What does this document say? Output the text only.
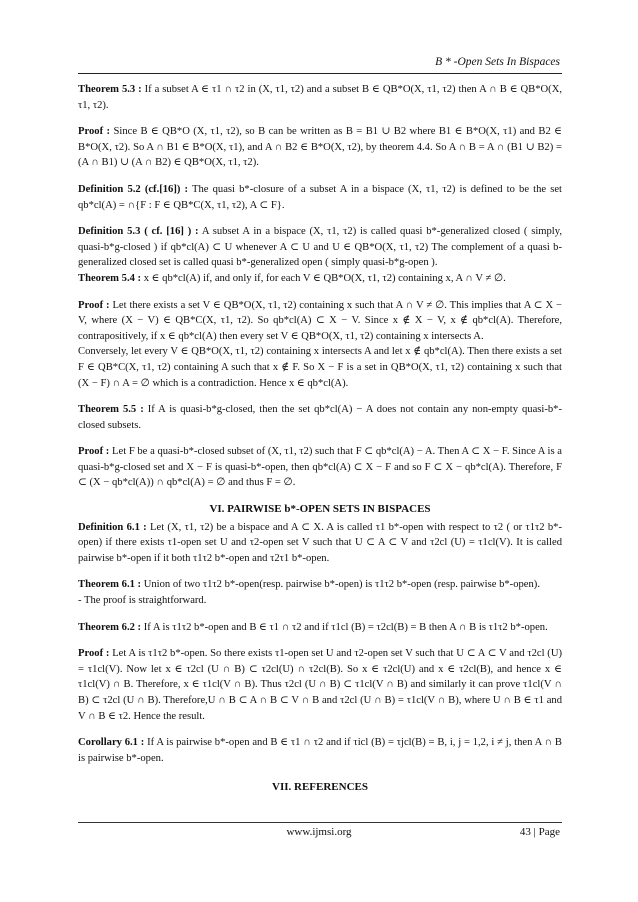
B * -Open Sets In Bispaces

Theorem 5.3 : If a subset A ∈ τ1 ∩ τ2 in (X, τ1, τ2) and a subset B ∈ QB*O(X, τ1, τ2) then A ∩ B ∈ QB*O(X, τ1, τ2).

Proof : Since B ∈ QB*O (X, τ1, τ2), so B can be written as B = B1 ∪ B2 where B1 ∈ B*O(X, τ1) and B2 ∈ B*O(X, τ2). So A ∩ B1 ∈ B*O(X, τ1), and A ∩ B2 ∈ B*O(X, τ2), by theorem 4.4. So A ∩ B = A ∩ (B1 ∪ B2) = (A ∩ B1) ∪ (A ∩ B2) ∈ QB*O(X, τ1, τ2).

Definition 5.2 (cf.[16]) : The quasi b*-closure of a subset A in a bispace (X, τ1, τ2) is defined to be the set qb*cl(A) = ∩{F : F ∈ QB*C(X, τ1, τ2), A ⊂ F}.

Definition 5.3 ( cf. [16] ) : A subset A in a bispace (X, τ1, τ2) is called quasi b*-generalized closed ( simply, quasi-b*g-closed ) if qb*cl(A) ⊂ U whenever A ⊂ U and U ∈ QB*O(X, τ1, τ2) The complement of a quasi b-generalized closed set is called quasi b*-generalized open ( simply quasi-b*g-open ).

Theorem 5.4 : x ∈ qb*cl(A) if, and only if, for each V ∈ QB*O(X, τ1, τ2) containing x, A ∩ V ≠ ∅.

Proof : Let there exists a set V ∈ QB*O(X, τ1, τ2) containing x such that A ∩ V ≠ ∅. This implies that A ⊂ X − V, where (X − V) ∈ QB*C(X, τ1, τ2). So qb*cl(A) ⊂ X − V. Since x ∉ X − V, x ∉ qb*cl(A). Therefore, contrapositively, if x ∈ qb*cl(A) then every set V ∈ QB*O(X, τ1, τ2) containing x intersects A.

Conversely, let every V ∈ QB*O(X, τ1, τ2) containing x intersects A and let x ∉ qb*cl(A). Then there exists a set F ∈ QB*C(X, τ1, τ2) containing A such that x ∉ F. So X − F is a set in QB*O(X, τ1, τ2) containing x such that (X − F) ∩ A = ∅ which is a contradiction. Hence x ∈ qb*cl(A).

Theorem 5.5 : If A is quasi-b*g-closed, then the set qb*cl(A) − A does not contain any non-empty quasi-b*-closed subsets.

Proof : Let F be a quasi-b*-closed subset of (X, τ1, τ2) such that F ⊂ qb*cl(A) − A. Then A ⊂ X − F. Since A is a quasi-b*g-closed set and X − F is quasi-b*-open, then qb*cl(A) ⊂ X − F and so F ⊂ X − qb*cl(A). Therefore, F ⊂ (X − qb*cl(A)) ∩ qb*cl(A) = ∅ and thus F = ∅.

VI. PAIRWISE b*-OPEN SETS IN BISPACES

Definition 6.1 : Let (X, τ1, τ2) be a bispace and A ⊂ X. A is called τ1 b*-open with respect to τ2 ( or τ1τ2 b*-open) if there exists τ1-open set U and τ2-open set V such that U ⊂ A ⊂ V and τ2cl (U) = τ1cl(V). It is called pairwise b*-open if it both τ1τ2 b*-open and τ2τ1 b*-open.

Theorem 6.1 : Union of two τ1τ2 b*-open(resp. pairwise b*-open) is τ1τ2 b*-open (resp. pairwise b*-open).

- The proof is straightforward.

Theorem 6.2 : If A is τ1τ2 b*-open and B ∈ τ1 ∩ τ2 and if τ1cl (B) = τ2cl(B) = B then A ∩ B is τ1τ2 b*-open.

Proof : Let A is τ1τ2 b*-open. So there exists τ1-open set U and τ2-open set V such that U ⊂ A ⊂ V and τ2cl (U) = τ1cl(V). Now let x ∈ τ2cl (U ∩ B) ⊂ τ2cl(U) ∩ τ2cl(B). So x ∈ τ2cl(U) and x ∈ τ2cl(B), and hence x ∈ τ1cl(V) ∩ B. Therefore, x ∈ τ1cl(V ∩ B). Thus τ2cl (U ∩ B) ⊂ τ1cl(V ∩ B) and similarly it can prove τ1cl(V ∩ B) ⊂ τ2cl (U ∩ B). Therefore,U ∩ B ⊂ A ∩ B ⊂ V ∩ B and τ2cl (U ∩ B) = τ1cl(V ∩ B), where U ∩ B ∈ τ1 and V ∩ B ∈ τ2. Hence the result.

Corollary 6.1 : If A is pairwise b*-open and B ∈ τ1 ∩ τ2 and if τicl (B) = τjcl(B) = B, i, j = 1,2, i ≠ j, then A ∩ B is pairwise b*-open.

VII. REFERENCES
www.ijmsi.org	43 | Page
